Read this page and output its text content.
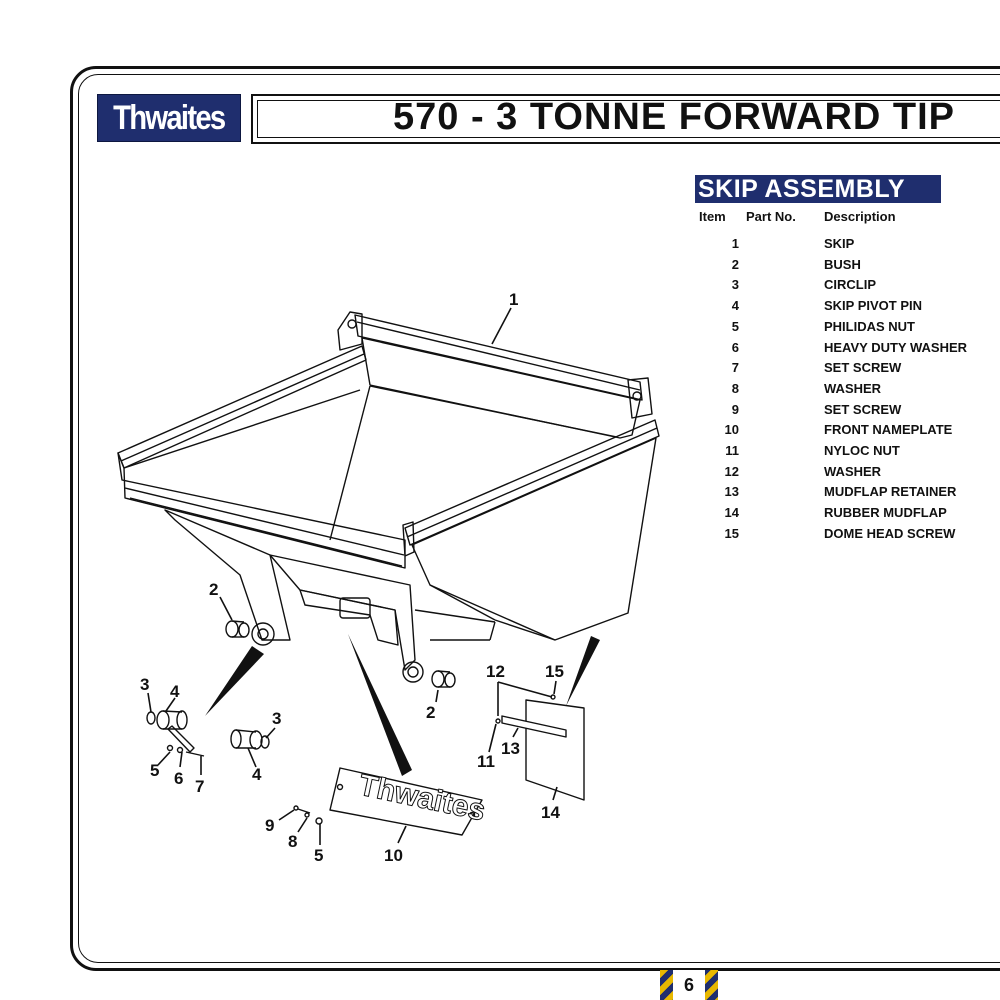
Thwaites	570 - 3 TONNE FORWARD TIP
SKIP ASSEMBLY
Item Part No. Description
1		SKIP
2		BUSH
3		CIRCLIP
4		SKIP PIVOT PIN
5		PHILIDAS NUT
6		HEAVY DUTY WASHER
7		SET SCREW
8		WASHER
9		SET SCREW
10		FRONT NAMEPLATE
11		NYLOC NUT
12		WASHER
13		MUDFLAP RETAINER
14		RUBBER MUDFLAP
15		DOME HEAD SCREW
Thwaites
1
2
2
3 4
5 6 7
3
4
9
8
5	10
12 15
11
13
14
6
